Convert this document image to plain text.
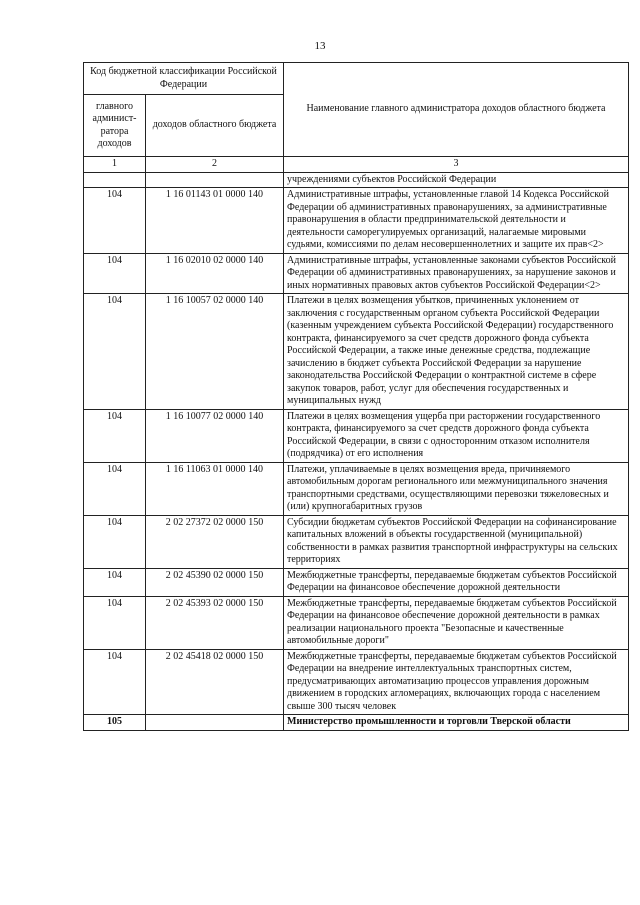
13
Код бюджетной классификации Российской Федерации		Наименование главного администратора доходов областного бюджета
главного админист-ратора доходов	доходов областного бюджета	
1	2	3
		учреждениями субъектов Российской Федерации
104	1 16 01143 01 0000 140	Административные штрафы, установленные главой 14 Кодекса Российской Федерации об административных правонарушениях, за административные правонарушения в области предпринимательской деятельности и деятельности саморегулируемых организаций, налагаемые мировыми судьями, комиссиями по делам несовершеннолетних и защите их прав<2>
104	1 16 02010 02 0000 140	Административные штрафы, установленные законами субъектов Российской Федерации об административных правонарушениях, за нарушение законов и иных нормативных правовых актов субъектов Российской Федерации<2>
104	1 16 10057 02 0000 140	Платежи в целях возмещения убытков, причиненных уклонением от заключения с государственным органом субъекта Российской Федерации (казенным учреждением субъекта Российской Федерации) государственного контракта, финансируемого за счет средств дорожного фонда субъекта Российской Федерации, а также иные денежные средства, подлежащие зачислению в бюджет субъекта Российской Федерации за нарушение законодательства Российской Федерации о контрактной системе в сфере закупок товаров, работ, услуг для обеспечения государственных и муниципальных нужд
104	1 16 10077 02 0000 140	Платежи в целях возмещения ущерба при расторжении государственного контракта, финансируемого за счет средств дорожного фонда субъекта Российской Федерации, в связи с односторонним отказом исполнителя (подрядчика) от его исполнения
104	1 16 11063 01 0000 140	Платежи, уплачиваемые в целях возмещения вреда, причиняемого автомобильным дорогам регионального или межмуниципального значения транспортными средствами, осуществляющими перевозки тяжеловесных и (или) крупногабаритных грузов
104	2 02 27372 02 0000 150	Субсидии бюджетам субъектов Российской Федерации на софинансирование капитальных вложений в объекты государственной (муниципальной) собственности в рамках развития транспортной инфраструктуры на сельских территориях
104	2 02 45390 02 0000 150	Межбюджетные трансферты, передаваемые бюджетам субъектов Российской Федерации на финансовое обеспечение дорожной деятельности
104	2 02 45393 02 0000 150	Межбюджетные трансферты, передаваемые бюджетам субъектов Российской Федерации на финансовое обеспечение дорожной деятельности в рамках реализации национального проекта "Безопасные и качественные автомобильные дороги"
104	2 02 45418 02 0000 150	Межбюджетные трансферты, передаваемые бюджетам субъектов Российской Федерации на внедрение интеллектуальных транспортных систем, предусматривающих автоматизацию процессов управления дорожным движением в городских агломерациях, включающих города с населением свыше 300 тысяч человек
105		Министерство промышленности и торговли Тверской области
